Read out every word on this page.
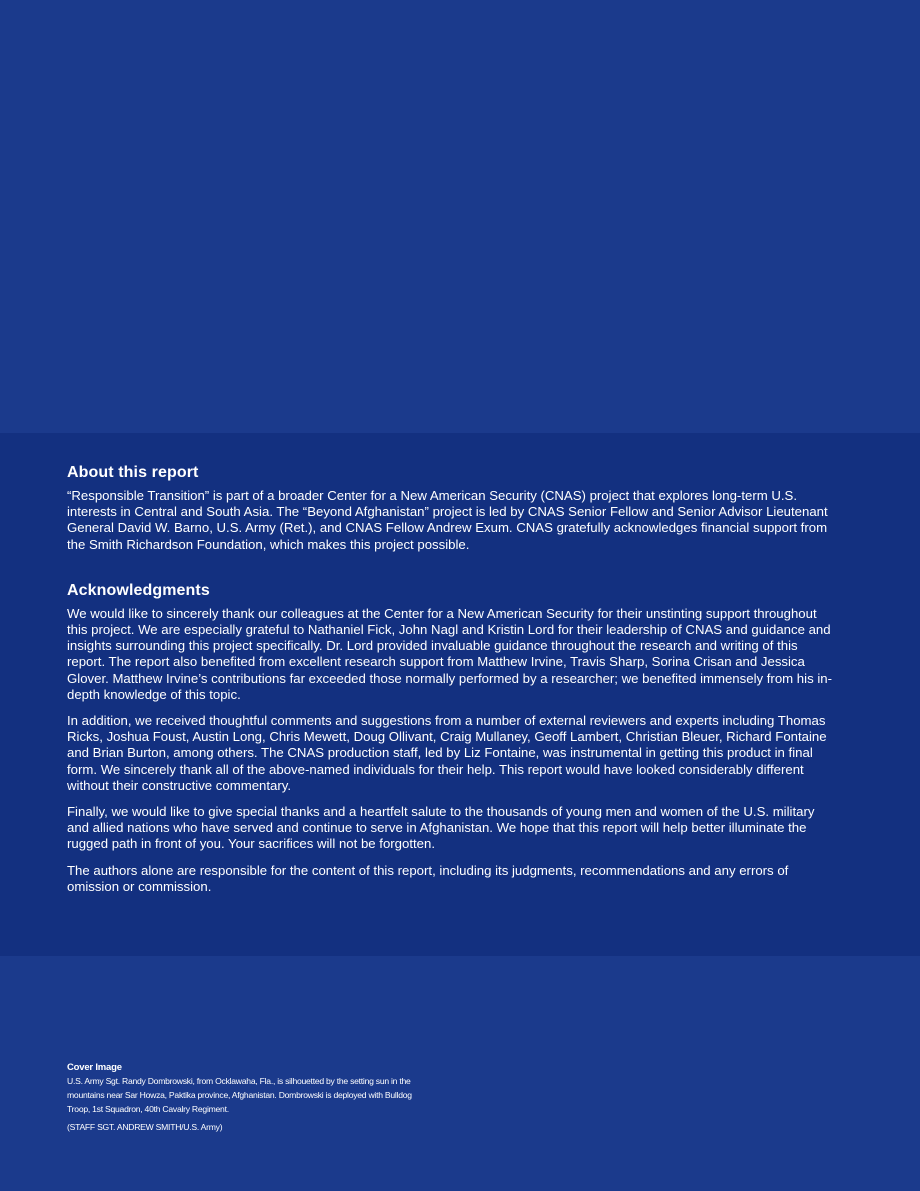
About this report

“Responsible Transition” is part of a broader Center for a New American Security (CNAS) project that explores long-term U.S. interests in Central and South Asia. The “Beyond Afghanistan” project is led by CNAS Senior Fellow and Senior Advisor Lieutenant General David W. Barno, U.S. Army (Ret.), and CNAS Fellow Andrew Exum. CNAS gratefully acknowledges financial support from the Smith Richardson Foundation, which makes this project possible.

Acknowledgments

We would like to sincerely thank our colleagues at the Center for a New American Security for their unstinting support throughout this project. We are especially grateful to Nathaniel Fick, John Nagl and Kristin Lord for their leadership of CNAS and guidance and insights surrounding this project specifically. Dr. Lord provided invaluable guidance throughout the research and writing of this report. The report also benefited from excellent research support from Matthew Irvine, Travis Sharp, Sorina Crisan and Jessica Glover. Matthew Irvine’s contributions far exceeded those normally performed by a researcher; we benefited immensely from his in-depth knowledge of this topic.

In addition, we received thoughtful comments and suggestions from a number of external reviewers and experts including Thomas Ricks, Joshua Foust, Austin Long, Chris Mewett, Doug Ollivant, Craig Mullaney, Geoff Lambert, Christian Bleuer, Richard Fontaine and Brian Burton, among others. The CNAS production staff, led by Liz Fontaine, was instrumental in getting this product in final form. We sincerely thank all of the above-named individuals for their help. This report would have looked considerably different without their constructive commentary.

Finally, we would like to give special thanks and a heartfelt salute to the thousands of young men and women of the U.S. military and allied nations who have served and continue to serve in Afghanistan. We hope that this report will help better illuminate the rugged path in front of you. Your sacrifices will not be forgotten.

The authors alone are responsible for the content of this report, including its judgments, recommendations and any errors of omission or commission.

Cover Image

U.S. Army Sgt. Randy Dombrowski, from Ocklawaha, Fla., is silhouetted by the setting sun in the mountains near Sar Howza, Paktika province, Afghanistan. Dombrowski is deployed with Bulldog Troop, 1st Squadron, 40th Cavalry Regiment.

(STAFF SGT. ANDREW SMITH/U.S. Army)
